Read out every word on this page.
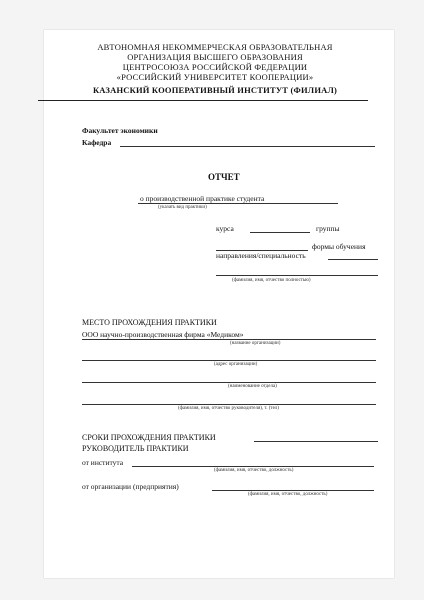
АВТОНОМНАЯ НЕКОММЕРЧЕСКАЯ ОБРАЗОВАТЕЛЬНАЯ
ОРГАНИЗАЦИЯ ВЫСШЕГО ОБРАЗОВАНИЯ
ЦЕНТРОСОЮЗА РОССИЙСКОЙ ФЕДЕРАЦИИ
«РОССИЙСКИЙ УНИВЕРСИТЕТ КООПЕРАЦИИ»
КАЗАНСКИЙ КООПЕРАТИВНЫЙ ИНСТИТУТ (ФИЛИАЛ)
Факультет экономики
Кафедра
ОТЧЕТ
о производственной практике студента
(указать вид практики)
курса	группы
формы обучения
направления/специальность
(фамилия, имя, отчество полностью)
МЕСТО ПРОХОЖДЕНИЯ ПРАКТИКИ
ООО научно-производственная фирма «Медиком»
(название организации)
(адрес организации)
(наименование отдела)
(фамилия, имя, отчество руководителя), т. (тел)
СРОКИ ПРОХОЖДЕНИЯ ПРАКТИКИ
РУКОВОДИТЕЛЬ ПРАКТИКИ
от института
(фамилия, имя, отчество, должность)
от организации (предприятия)
(фамилия, имя, отчество, должность)
